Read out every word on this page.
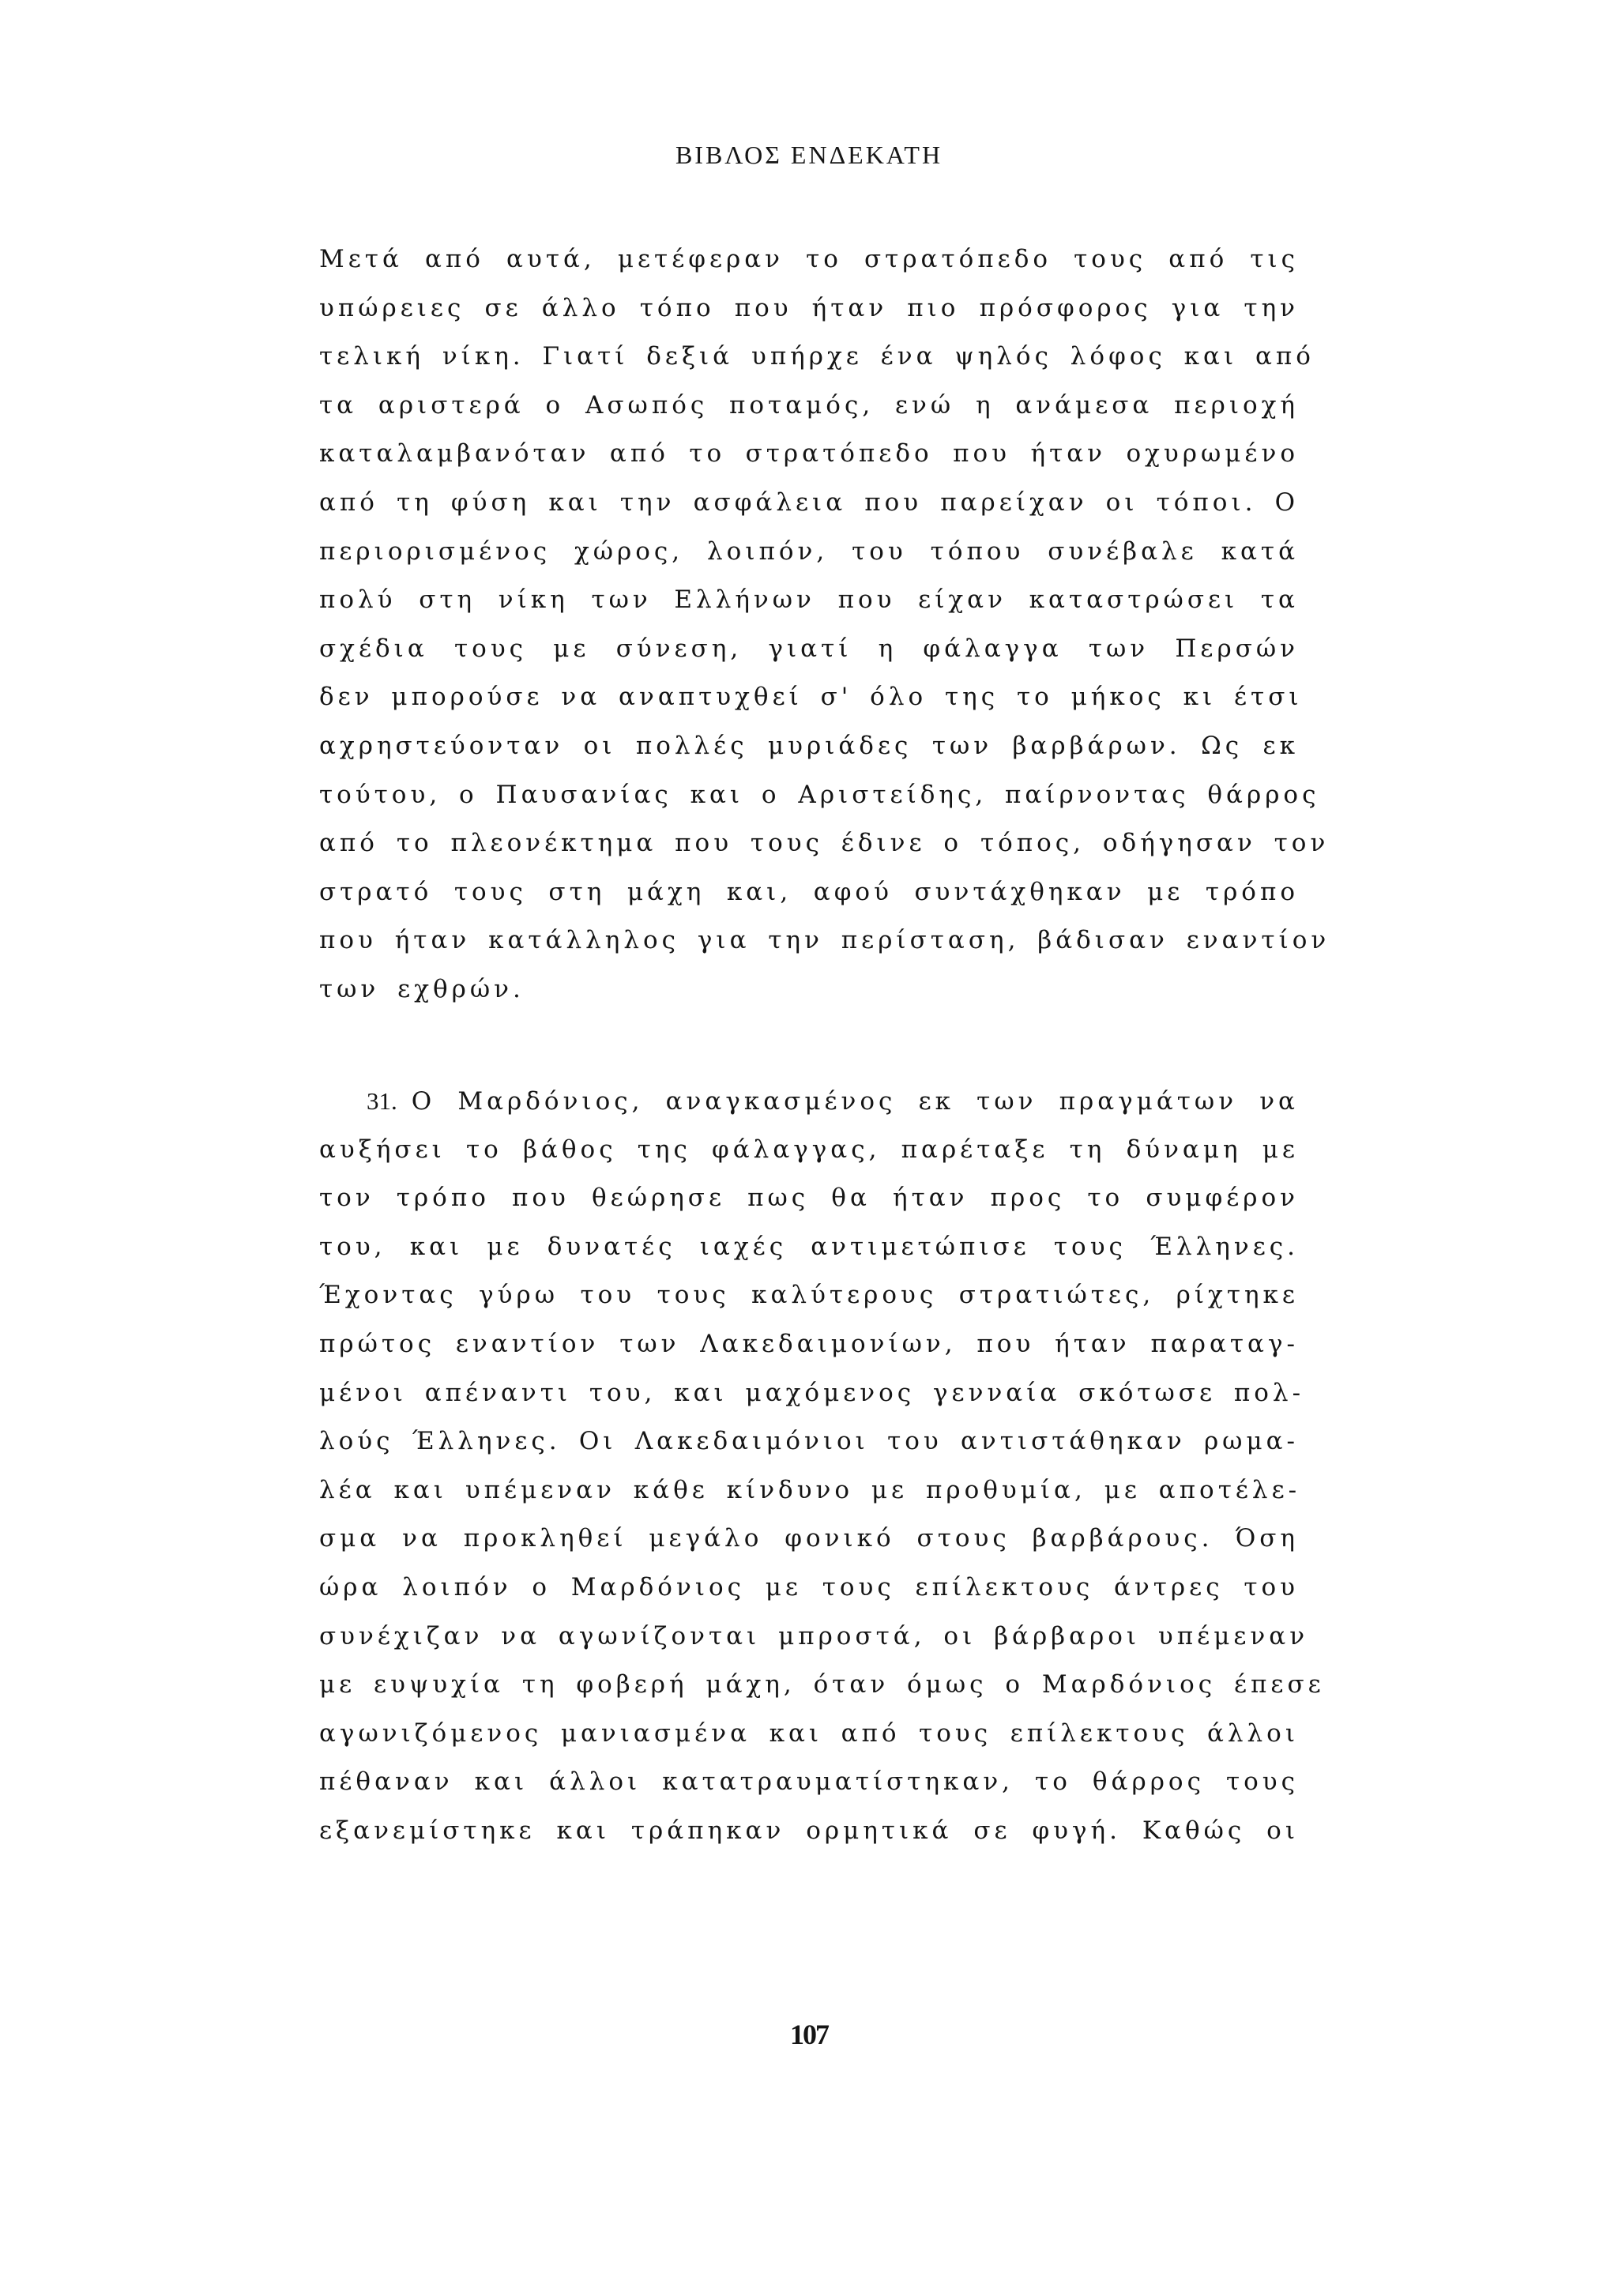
ΒΙΒΛΟΣ ΕΝΔΕΚΑΤΗ
Μετά από αυτά, μετέφεραν το στρατόπεδο τους από τις
υπώρειες σε άλλο τόπο που ήταν πιο πρόσφορος για την
τελική νίκη. Γιατί δεξιά υπήρχε ένα ψηλός λόφος και από
τα αριστερά ο Ασωπός ποταμός, ενώ η ανάμεσα περιοχή
καταλαμβανόταν από το στρατόπεδο που ήταν οχυρωμένο
από τη φύση και την ασφάλεια που παρείχαν οι τόποι. Ο
περιορισμένος χώρος, λοιπόν, του τόπου συνέβαλε κατά
πολύ στη νίκη των Ελλήνων που είχαν καταστρώσει τα
σχέδια τους με σύνεση, γιατί η φάλαγγα των Περσών
δεν μπορούσε να αναπτυχθεί σ' όλο της το μήκος κι έτσι
αχρηστεύονταν οι πολλές μυριάδες των βαρβάρων. Ως εκ
τούτου, ο Παυσανίας και ο Αριστείδης, παίρνοντας θάρρος
από το πλεονέκτημα που τους έδινε ο τόπος, οδήγησαν τον
στρατό τους στη μάχη και, αφού συντάχθηκαν με τρόπο
που ήταν κατάλληλος για την περίσταση, βάδισαν εναντίον
των εχθρών.
31. Ο Μαρδόνιος, αναγκασμένος εκ των πραγμάτων να
αυξήσει το βάθος της φάλαγγας, παρέταξε τη δύναμη με
τον τρόπο που θεώρησε πως θα ήταν προς το συμφέρον
του, και με δυνατές ιαχές αντιμετώπισε τους Έλληνες.
Έχοντας γύρω του τους καλύτερους στρατιώτες, ρίχτηκε
πρώτος εναντίον των Λακεδαιμονίων, που ήταν παραταγ-
μένοι απέναντι του, και μαχόμενος γενναία σκότωσε πολ-
λούς Έλληνες. Οι Λακεδαιμόνιοι του αντιστάθηκαν ρωμα-
λέα και υπέμεναν κάθε κίνδυνο με προθυμία, με αποτέλε-
σμα να προκληθεί μεγάλο φονικό στους βαρβάρους. Όση
ώρα λοιπόν ο Μαρδόνιος με τους επίλεκτους άντρες του
συνέχιζαν να αγωνίζονται μπροστά, οι βάρβαροι υπέμεναν
με ευψυχία τη φοβερή μάχη, όταν όμως ο Μαρδόνιος έπεσε
αγωνιζόμενος μανιασμένα και από τους επίλεκτους άλλοι
πέθαναν και άλλοι κατατραυματίστηκαν, το θάρρος τους
εξανεμίστηκε και τράπηκαν ορμητικά σε φυγή. Καθώς οι
107
